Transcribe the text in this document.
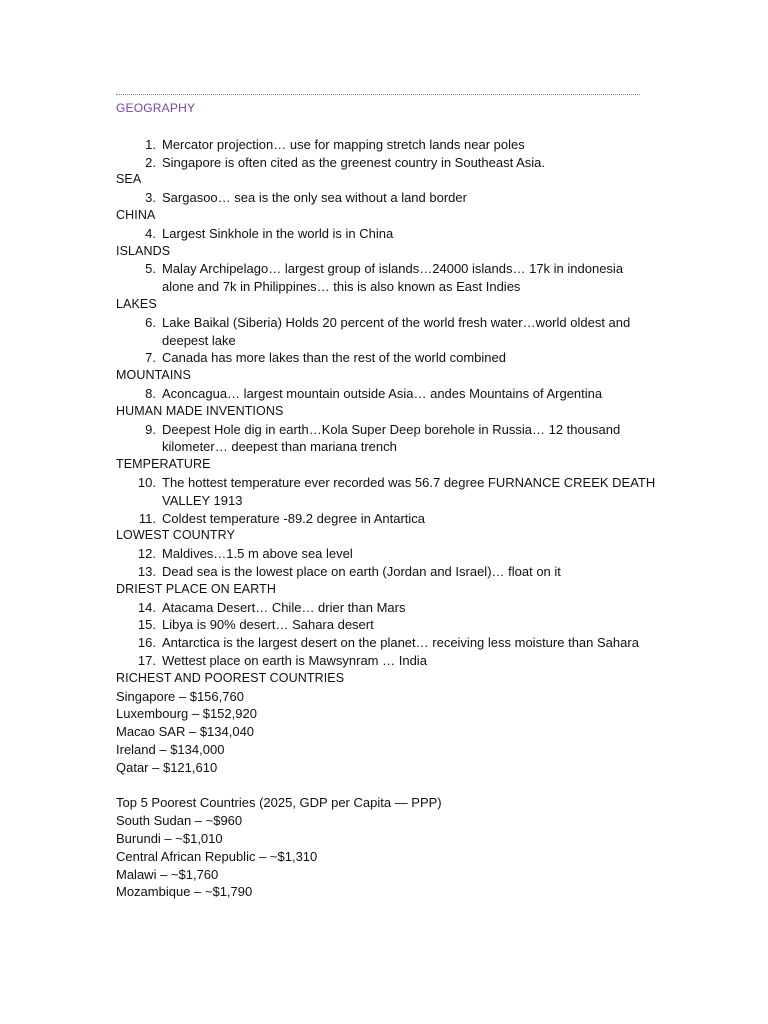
GEOGRAPHY
1. Mercator projection… use for mapping stretch lands near poles
2. Singapore is often cited as the greenest country in Southeast Asia.
SEA
3. Sargasoo… sea is the only sea without a land border
CHINA
4. Largest Sinkhole in the world is in China
ISLANDS
5. Malay Archipelago… largest group of islands…24000 islands… 17k in indonesia alone and 7k in Philippines… this is also known as East Indies
LAKES
6. Lake Baikal (Siberia) Holds 20 percent of the world fresh water…world oldest and deepest lake
7. Canada has more lakes than the rest of the world combined
MOUNTAINS
8. Aconcagua… largest mountain outside Asia… andes Mountains of Argentina
HUMAN MADE INVENTIONS
9. Deepest Hole dig in earth…Kola Super Deep borehole in Russia… 12 thousand kilometer… deepest than mariana trench
TEMPERATURE
10. The hottest temperature ever recorded was 56.7 degree FURNANCE CREEK DEATH VALLEY 1913
11. Coldest temperature -89.2 degree in Antartica
LOWEST COUNTRY
12. Maldives…1.5 m above sea level
13. Dead sea is the lowest place on earth (Jordan and Israel)… float on it
DRIEST PLACE ON EARTH
14. Atacama Desert… Chile… drier than Mars
15. Libya is 90% desert… Sahara desert
16. Antarctica is the largest desert on the planet… receiving less moisture than Sahara
17. Wettest place on earth is Mawsynram … India
RICHEST AND POOREST COUNTRIES
Singapore – $156,760
Luxembourg – $152,920
Macao SAR – $134,040
Ireland – $134,000
Qatar – $121,610
Top 5 Poorest Countries (2025, GDP per Capita — PPP)
South Sudan – ~$960
Burundi – ~$1,010
Central African Republic – ~$1,310
Malawi – ~$1,760
Mozambique – ~$1,790
